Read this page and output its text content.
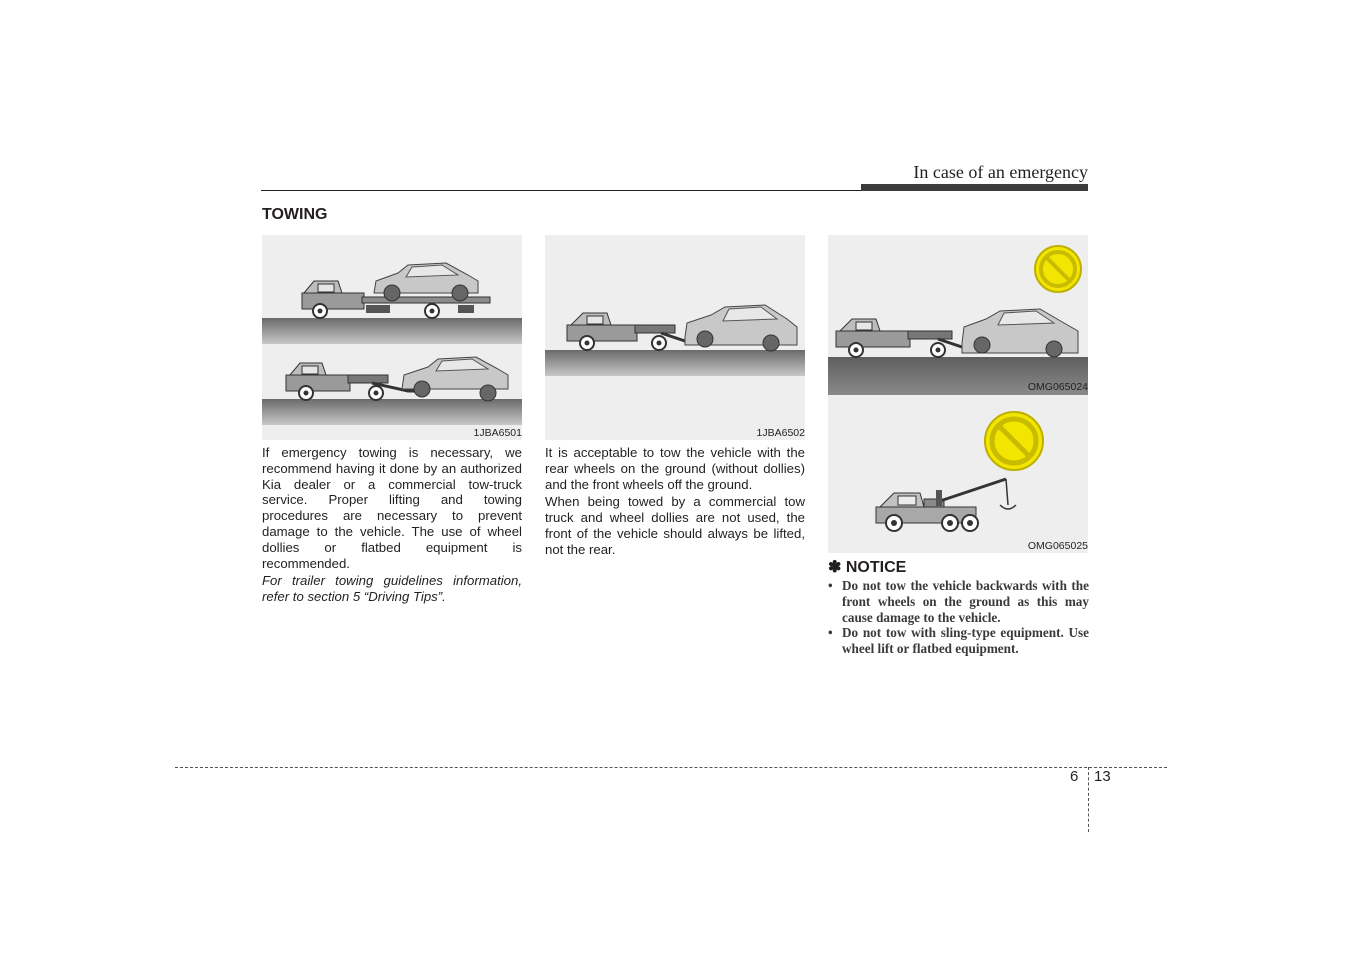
In case of an emergency
TOWING
1JBA6501	1JBA6502
OMG065024
OMG065025

If emergency towing is necessary, we recommend having it done by an authorized Kia dealer or a commercial tow-truck service. Proper lifting and towing procedures are necessary to prevent damage to the vehicle. The use of wheel dollies or flatbed equipment is recommended.

For trailer towing guidelines information, refer to section 5 “Driving Tips”.

It is acceptable to tow the vehicle with the rear wheels on the ground (without dollies) and the front wheels off the ground.

When being towed by a commercial tow truck and wheel dollies are not used, the front of the vehicle should always be lifted, not the rear.

✽ NOTICE
• Do not tow the vehicle backwards with the front wheels on the ground as this may cause damage to the vehicle.
• Do not tow with sling-type equipment. Use wheel lift or flatbed equipment.
6 13
